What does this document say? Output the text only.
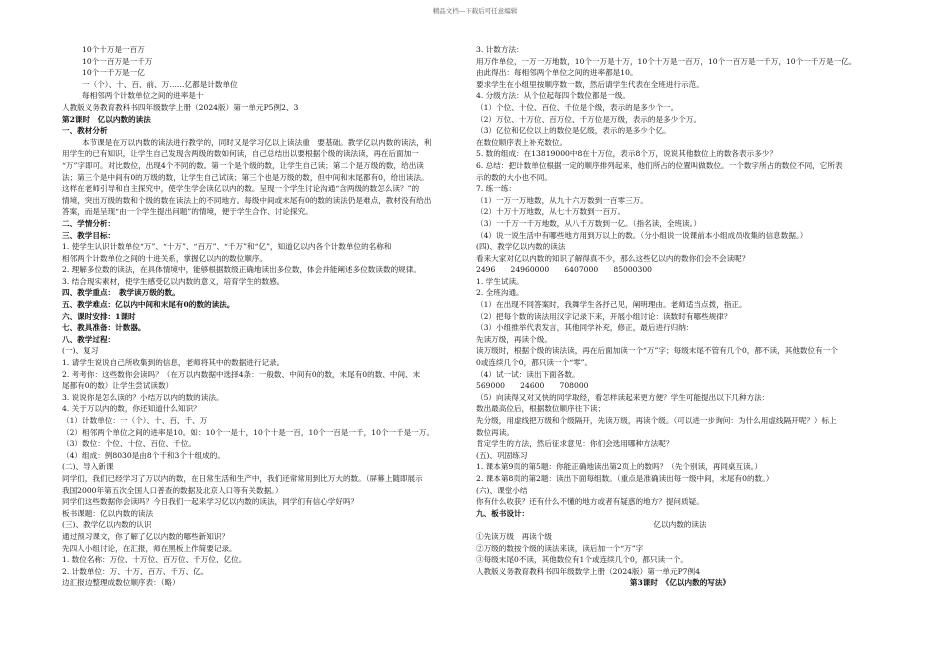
精品文档---下载后可任意编辑
10个十万是一百万
10个一百万是一千万
10个一千万是一亿
一（个）、十、百、前、万……亿都是计数单位
每相邻两个计数单位之间的进率是十
人教版义务教育教科书四年级数学上册（2024版）第一单元P5例2、3
第2课时　亿以内数的读法
一、教材分析
本节课是在万以内数的读法进行教学的，同时又是学习亿以上读法重　要基础。教学亿以内数的读法，利
用学生的已有知识，让学生自己发现含两级的数如何读，自己总结出以要根据个级的读法读，再在后面加一
“万”字即可。对比数位，出现4个不同的数。第一个是个级的数，让学生自己读；第二个是万级的数，给出读
法；第三个是中间有0的万级的数，让学生自己试读；第三个也是万级的数，但中间和末尾都有0，给出读法。
这样在老师引导和自主探究中，使学生学会读亿以内的数。呈现一个学生讨论沟通“含两级的数怎么读？”的
情境，突出万级的数和个级的数在读法上的不同地方。每级中间或末尾有0的数的读法仍是难点，教材没有给出
答案，而是呈现“由一个学生提出问题”的情境，便于学生合作、讨论探究。
二、学情分析：
三、教学目标：
1. 使学生认识计数单位“万”、“十万”、“百万”、“千万”和“亿”，知道亿以内各个计数单位的名称和
相邻两个计数单位之间的十进关系，掌握亿以内的数位顺序。
2. 理解多位数的读法，在具体情境中，能够根据数级正确地读出多位数，体会并能阐述多位数读数的规律。
3. 结合现实素材，使学生感受亿以内数的意义，培育学生的数感。
四、教学重点：　教学读万级的数。
五、教学难点：亿以内中间和末尾有0的数的读法。
六、课时安排：1课时
七、教具准备：计数器。
八、教学过程：
(一)、复习
1. 请学生说说自己所收集到的信息，老师将其中的数据进行记录。
2. 考考你：这些数你会读吗？（在万以内数据中选择4条：一般数、中间有0的数，末尾有0的数、中间、末
尾都有0的数）让学生尝试读数）
3. 说说你是怎么读的？小结万以内的数的读法。
4. 关于万以内的数，你还知道什么知识？
（1）计数单位：一（个）、十、百、千、万
（2）相邻两个单位之间的进率是10。如：10个一是十，10个十是一百，10个一百是一千，10个一千是一万。
（3）数位：个位、十位、百位、千位。
（4）组成：例8030是由8个千和3个十组成的。
(二)、导入新课
同学们，我们已经学习了万以内的数，在日常生活和生产中，我们还常常用到比万大的数。（屏幕上随即展示
我国2000年第五次全国人口普查的数据及北京人口等有关数据。）
同学们这些数据你会读吗？今日我们一起来学习亿以内数的读法，同学们有信心学好吗？
板书课题：亿以内数的读法
(三)、教学亿以内数的认识
通过预习课文，你了解了亿以内数的哪些新知识？
先四人小组讨论，在汇报，师在黑板上作简要记录。
1. 数位名称：万位、十万位、百万位、千万位、亿位。
2. 计数单位：万、十万、百万、千万、亿。
边汇报边整理成数位顺序表：（略）
3. 计数方法：
用万作单位，一万一万地数，10个一万是十万，10个十万是一百万，10个一百万是一千万，10个一千万是一亿。
由此得出：每相邻两个单位之间的进率都是10。
要求学生在小组里按顺序数一数，然后请学生代表在全班进行示范。
4. 分级方法：从个位起每四个数位都是一级。
（1）个位、十位、百位、千位是个级，表示的是多少个一。
（2）万位、十万位、百万位、千万位是万级，表示的是多少个万。
（3）亿位和亿位以上的数位是亿级，表示的是多少个亿。
在数位顺序表上补充数位。
5. 数的组成：在13819000中8在十万位，表示8个万，说说其他数位上的数各表示多少？
6. 总结：把计数单位根据一定的顺序排列起来，他们所占的位置叫做数位。一个数字所占的数位不同，它所表
示的数的大小也不同。
7. 练一练：
（1）一万一万地数，从九十六万数到一百零三万。
（2）十万十万地数，从七十万数到一百万。
（3）一千万一千万地数，从八千万数到一亿。（指名读，全班读。）
（4）说一说生活中有哪些地方用到万以上的数。（分小组说一说课前本小组成员收集的信息数据。）
(四)、教学亿以内数的读法
看来大家对亿以内数的知识了解得真不少，那么这些亿以内的数你们会不会读呢？
2496　　24960000　　6407000　　85000300
1. 学生试读。
2. 全班沟通。
（1）在出现不同答案时，我舞学生各抒己见，阐明理由。老师适当点拨，指正。
（2）把每个数的读法用汉字记录下来，开展小组讨论：读数时有哪些规律？
（3）小组推举代表发言，其他同学补充，修正，最后进行归纳：
先读万级，再读个级。
读万级时，根据个级的读法读，再在后面加读一个“万”字；每级末尾不管有几个0，都不读，其他数位有一个
0或连续几个0，都只读一个“零”。
（4）试一试：读出下面各数。
569000　　24600　　708000
（5）向读得又对又快的同学取经，看怎样读起来更方便？学生可能提出以下几种方法：
数出最高位后，根据数位顺序往下读；
先分级，用虚线把万级和个级隔开，先读万级，再读个级。（可以进一步询问：为什么用虚线隔开呢？）标上
数位再读。
肯定学生的方法，然后征求意见：你们会选用哪种方法呢？
(五)、巩固练习
1. 课本第9页的第5题：你能正确地读出第2页上的数吗？（先个别读，再同桌互读。）
2. 课本第8页的第2题：读出下面每组数。（重点是准确读出每一级中间，末尾有0的数。）
(六)、课堂小结
你有什么收获？还有什么不懂的地方或者有疑惑的地方？提问质疑。
九、板书设计：
亿以内数的读法
①先读万级　再读个级
②万级的数按个级的读法来读，读后加一个“万”字
③每级末尾0不读，其他数位有1个或连续几个0，都只读一个。
人教版义务教育教科书四年级数学上册（2024版）第一单元P7例4
第3课时　《亿以内数的写法》
